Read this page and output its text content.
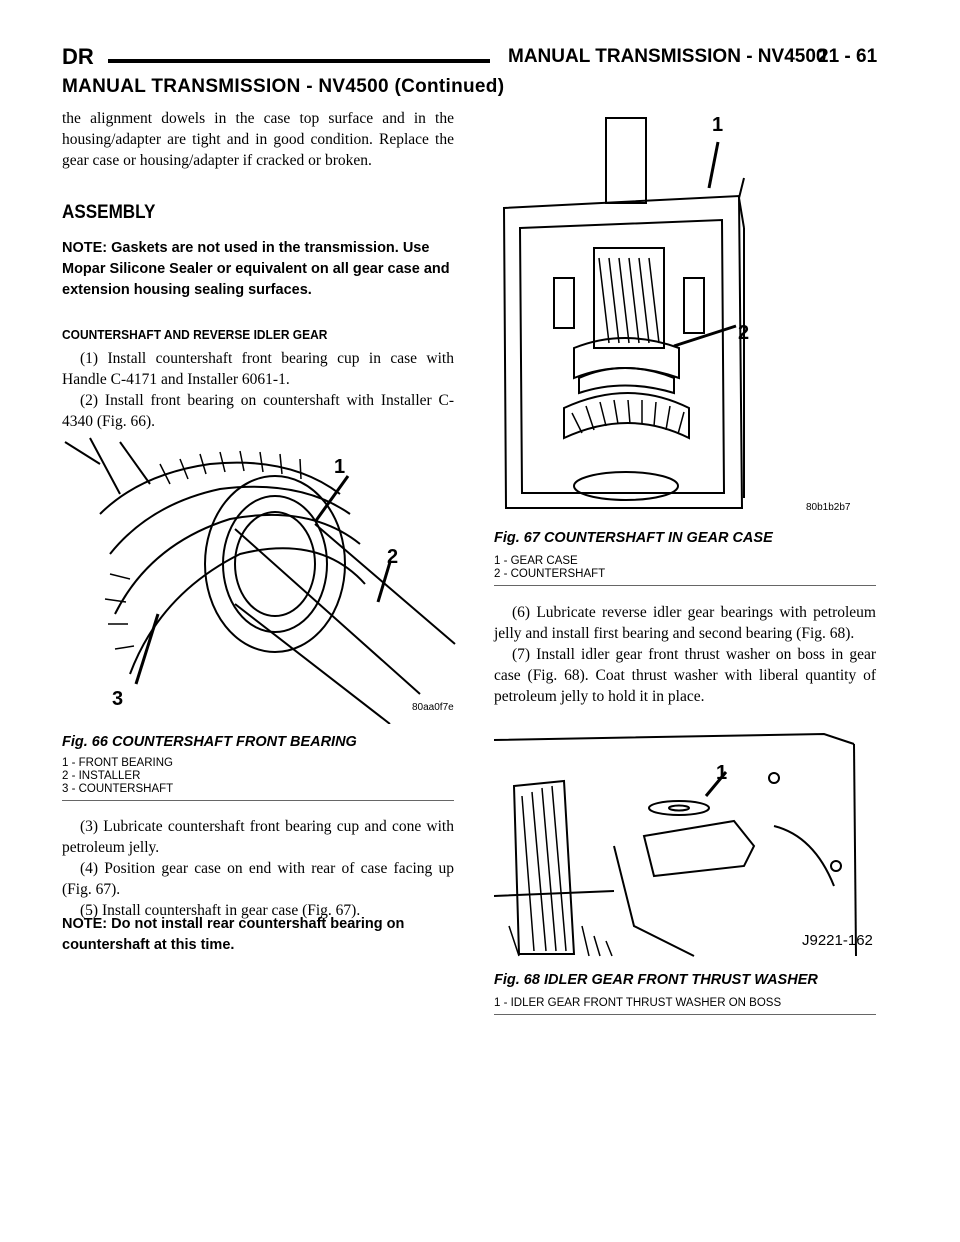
DR	MANUAL TRANSMISSION - NV4500
21 - 61
MANUAL TRANSMISSION - NV4500 (Continued)

the alignment dowels in the case top surface and in the housing/adapter are tight and in good condition. Replace the gear case or housing/adapter if cracked or broken.

ASSEMBLY
NOTE: Gaskets are not used in the transmission. Use Mopar Silicone Sealer or equivalent on all gear case and extension housing sealing surfaces.
COUNTERSHAFT AND REVERSE IDLER GEAR

(1) Install countershaft front bearing cup in case with Handle C-4171 and Installer 6061-1.

(2) Install front bearing on countershaft with Installer C-4340 (Fig. 66).

1
2
3	80aa0f7e
Fig. 66 COUNTERSHAFT FRONT BEARING
1 - FRONT BEARING
2 - INSTALLER
3 - COUNTERSHAFT

(3) Lubricate countershaft front bearing cup and cone with petroleum jelly.

(4) Position gear case on end with rear of case facing up (Fig. 67).

(5) Install countershaft in gear case (Fig. 67).

NOTE: Do not install rear countershaft bearing on countershaft at this time.
1
2
80b1b2b7
Fig. 67 COUNTERSHAFT IN GEAR CASE
1 - GEAR CASE
2 - COUNTERSHAFT

(6) Lubricate reverse idler gear bearings with petroleum jelly and install first bearing and second bearing (Fig. 68).

(7) Install idler gear front thrust washer on boss in gear case (Fig. 68). Coat thrust washer with liberal quantity of petroleum jelly to hold it in place.

1
J9221-162
Fig. 68 IDLER GEAR FRONT THRUST WASHER
1 - IDLER GEAR FRONT THRUST WASHER ON BOSS
